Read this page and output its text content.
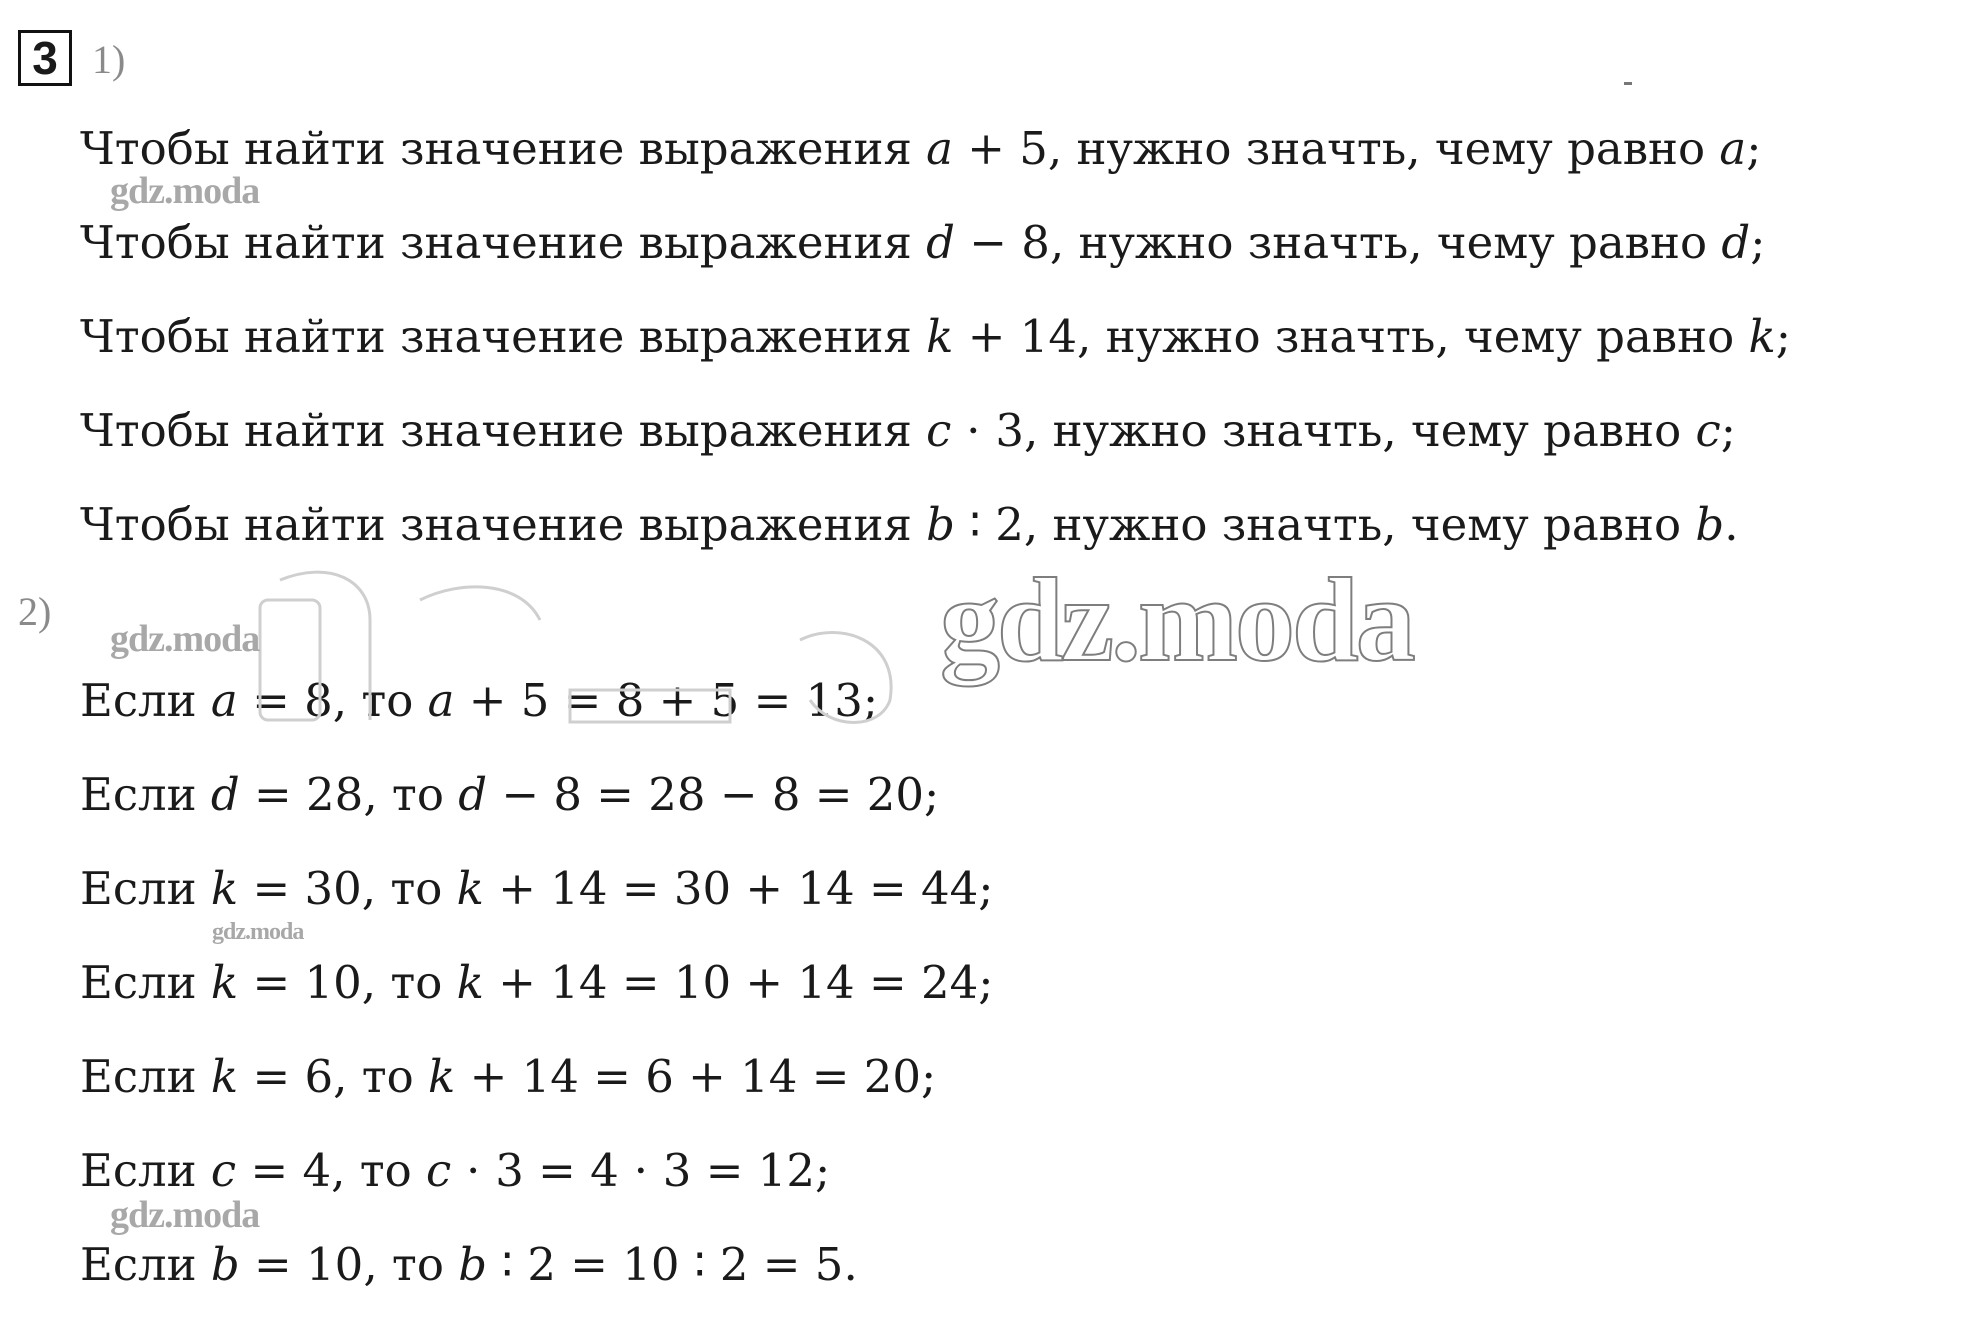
3 1)
Чтобы найти значение выражения 𝑎 + 5, нужно значть, чему равно 𝑎;
Чтобы найти значение выражения 𝑑 − 8, нужно значть, чему равно 𝑑;
Чтобы найти значение выражения 𝑘 + 14, нужно значть, чему равно 𝑘;
Чтобы найти значение выражения 𝑐 ⋅ 3, нужно значть, чему равно 𝑐;
Чтобы найти значение выражения 𝑏 ∶ 2, нужно значть, чему равно 𝑏.
2)
Если 𝑎 = 8, то 𝑎 + 5 = 8 + 5 = 13;
Если 𝑑 = 28, то 𝑑 − 8 = 28 − 8 = 20;
Если 𝑘 = 30, то 𝑘 + 14 = 30 + 14 = 44;
Если 𝑘 = 10, то 𝑘 + 14 = 10 + 14 = 24;
Если 𝑘 = 6, то 𝑘 + 14 = 6 + 14 = 20;
Если 𝑐 = 4, то 𝑐 ⋅ 3 = 4 ⋅ 3 = 12;
Если 𝑏 = 10, то 𝑏 ∶ 2 = 10 ∶ 2 = 5.
gdz.moda
gdz.moda
gdz.moda
gdz.moda
gdz.moda
